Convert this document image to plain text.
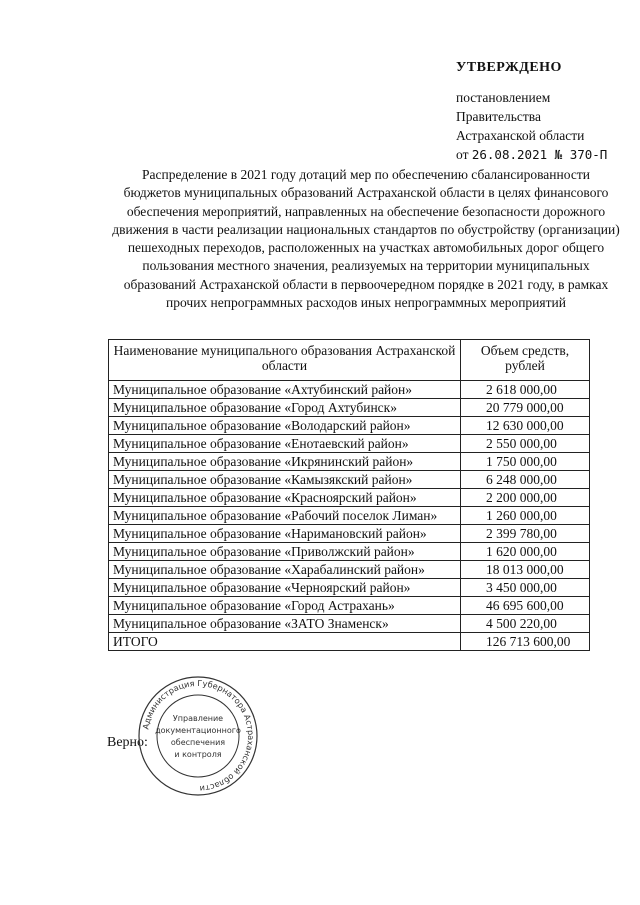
УТВЕРЖДЕНО
постановлением
Правительства
Астраханской области
от 26.08.2021 № 370-П
Распределение в 2021 году дотаций мер по обеспечению сбалансированности бюджетов муниципальных образований Астраханской области в целях финансового обеспечения мероприятий, направленных на обеспечение безопасности дорожного движения в части реализации национальных стандартов по обустройству (организации) пешеходных переходов, расположенных на участках автомобильных дорог общего пользования местного значения, реализуемых на территории муниципальных образований Астраханской области в первоочередном порядке в 2021 году, в рамках прочих непрограммных расходов иных непрограммных мероприятий
Наименование муниципального образования Астраханской области	Объем средств, рублей
Муниципальное образование «Ахтубинский район»	2 618 000,00
Муниципальное образование «Город Ахтубинск»	20 779 000,00
Муниципальное образование «Володарский район»	12 630 000,00
Муниципальное образование «Енотаевский район»	2 550 000,00
Муниципальное образование «Икрянинский район»	1 750 000,00
Муниципальное образование «Камызякский район»	6 248 000,00
Муниципальное образование «Красноярский район»	2 200 000,00
Муниципальное образование «Рабочий поселок Лиман»	1 260 000,00
Муниципальное образование «Наримановский район»	2 399 780,00
Муниципальное образование «Приволжский район»	1 620 000,00
Муниципальное образование «Харабалинский район»	18 013 000,00
Муниципальное образование «Черноярский район»	3 450 000,00
Муниципальное образование «Город Астрахань»	46 695 600,00
Муниципальное образование «ЗАТО Знаменск»	4 500 220,00
ИТОГО	126 713 600,00
Верно:
Администрация Губернатора Астраханской области
Управление
документационного
обеспечения
и контроля
